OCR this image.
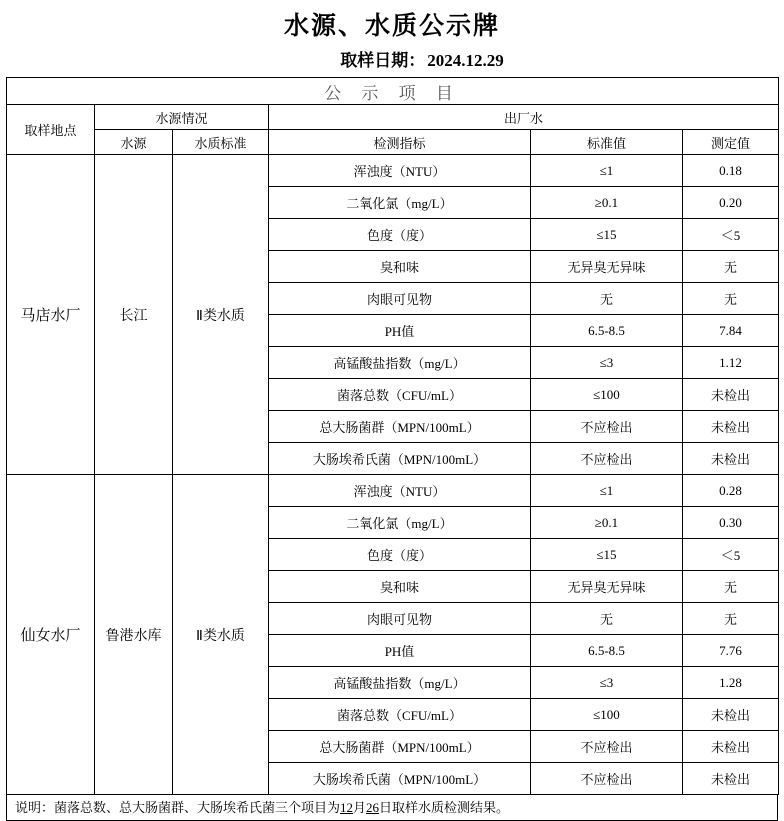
水源、水质公示牌
取样日期： 2024.12.29
公 示 项 目					
取样地点	水源情况		出厂水		
	水源	水质标准	检测指标	标准值	测定值
马店水厂	长江	Ⅱ类水质	浑浊度（NTU）	≤1	0.18
			二氧化氯（mg/L）	≥0.1	0.20
			色度（度）	≤15	＜5
			臭和味	无异臭无异味	无
			肉眼可见物	无	无
			PH值	6.5-8.5	7.84
			高锰酸盐指数（mg/L）	≤3	1.12
			菌落总数（CFU/mL）	≤100	未检出
			总大肠菌群（MPN/100mL）	不应检出	未检出
			大肠埃希氏菌（MPN/100mL）	不应检出	未检出
仙女水厂	鲁港水库	Ⅱ类水质	浑浊度（NTU）	≤1	0.28
			二氧化氯（mg/L）	≥0.1	0.30
			色度（度）	≤15	＜5
			臭和味	无异臭无异味	无
			肉眼可见物	无	无
			PH值	6.5-8.5	7.76
			高锰酸盐指数（mg/L）	≤3	1.28
			菌落总数（CFU/mL）	≤100	未检出
			总大肠菌群（MPN/100mL）	不应检出	未检出
			大肠埃希氏菌（MPN/100mL）	不应检出	未检出
说明：菌落总数、总大肠菌群、大肠埃希氏菌三个项目为12月26日取样水质检测结果。
